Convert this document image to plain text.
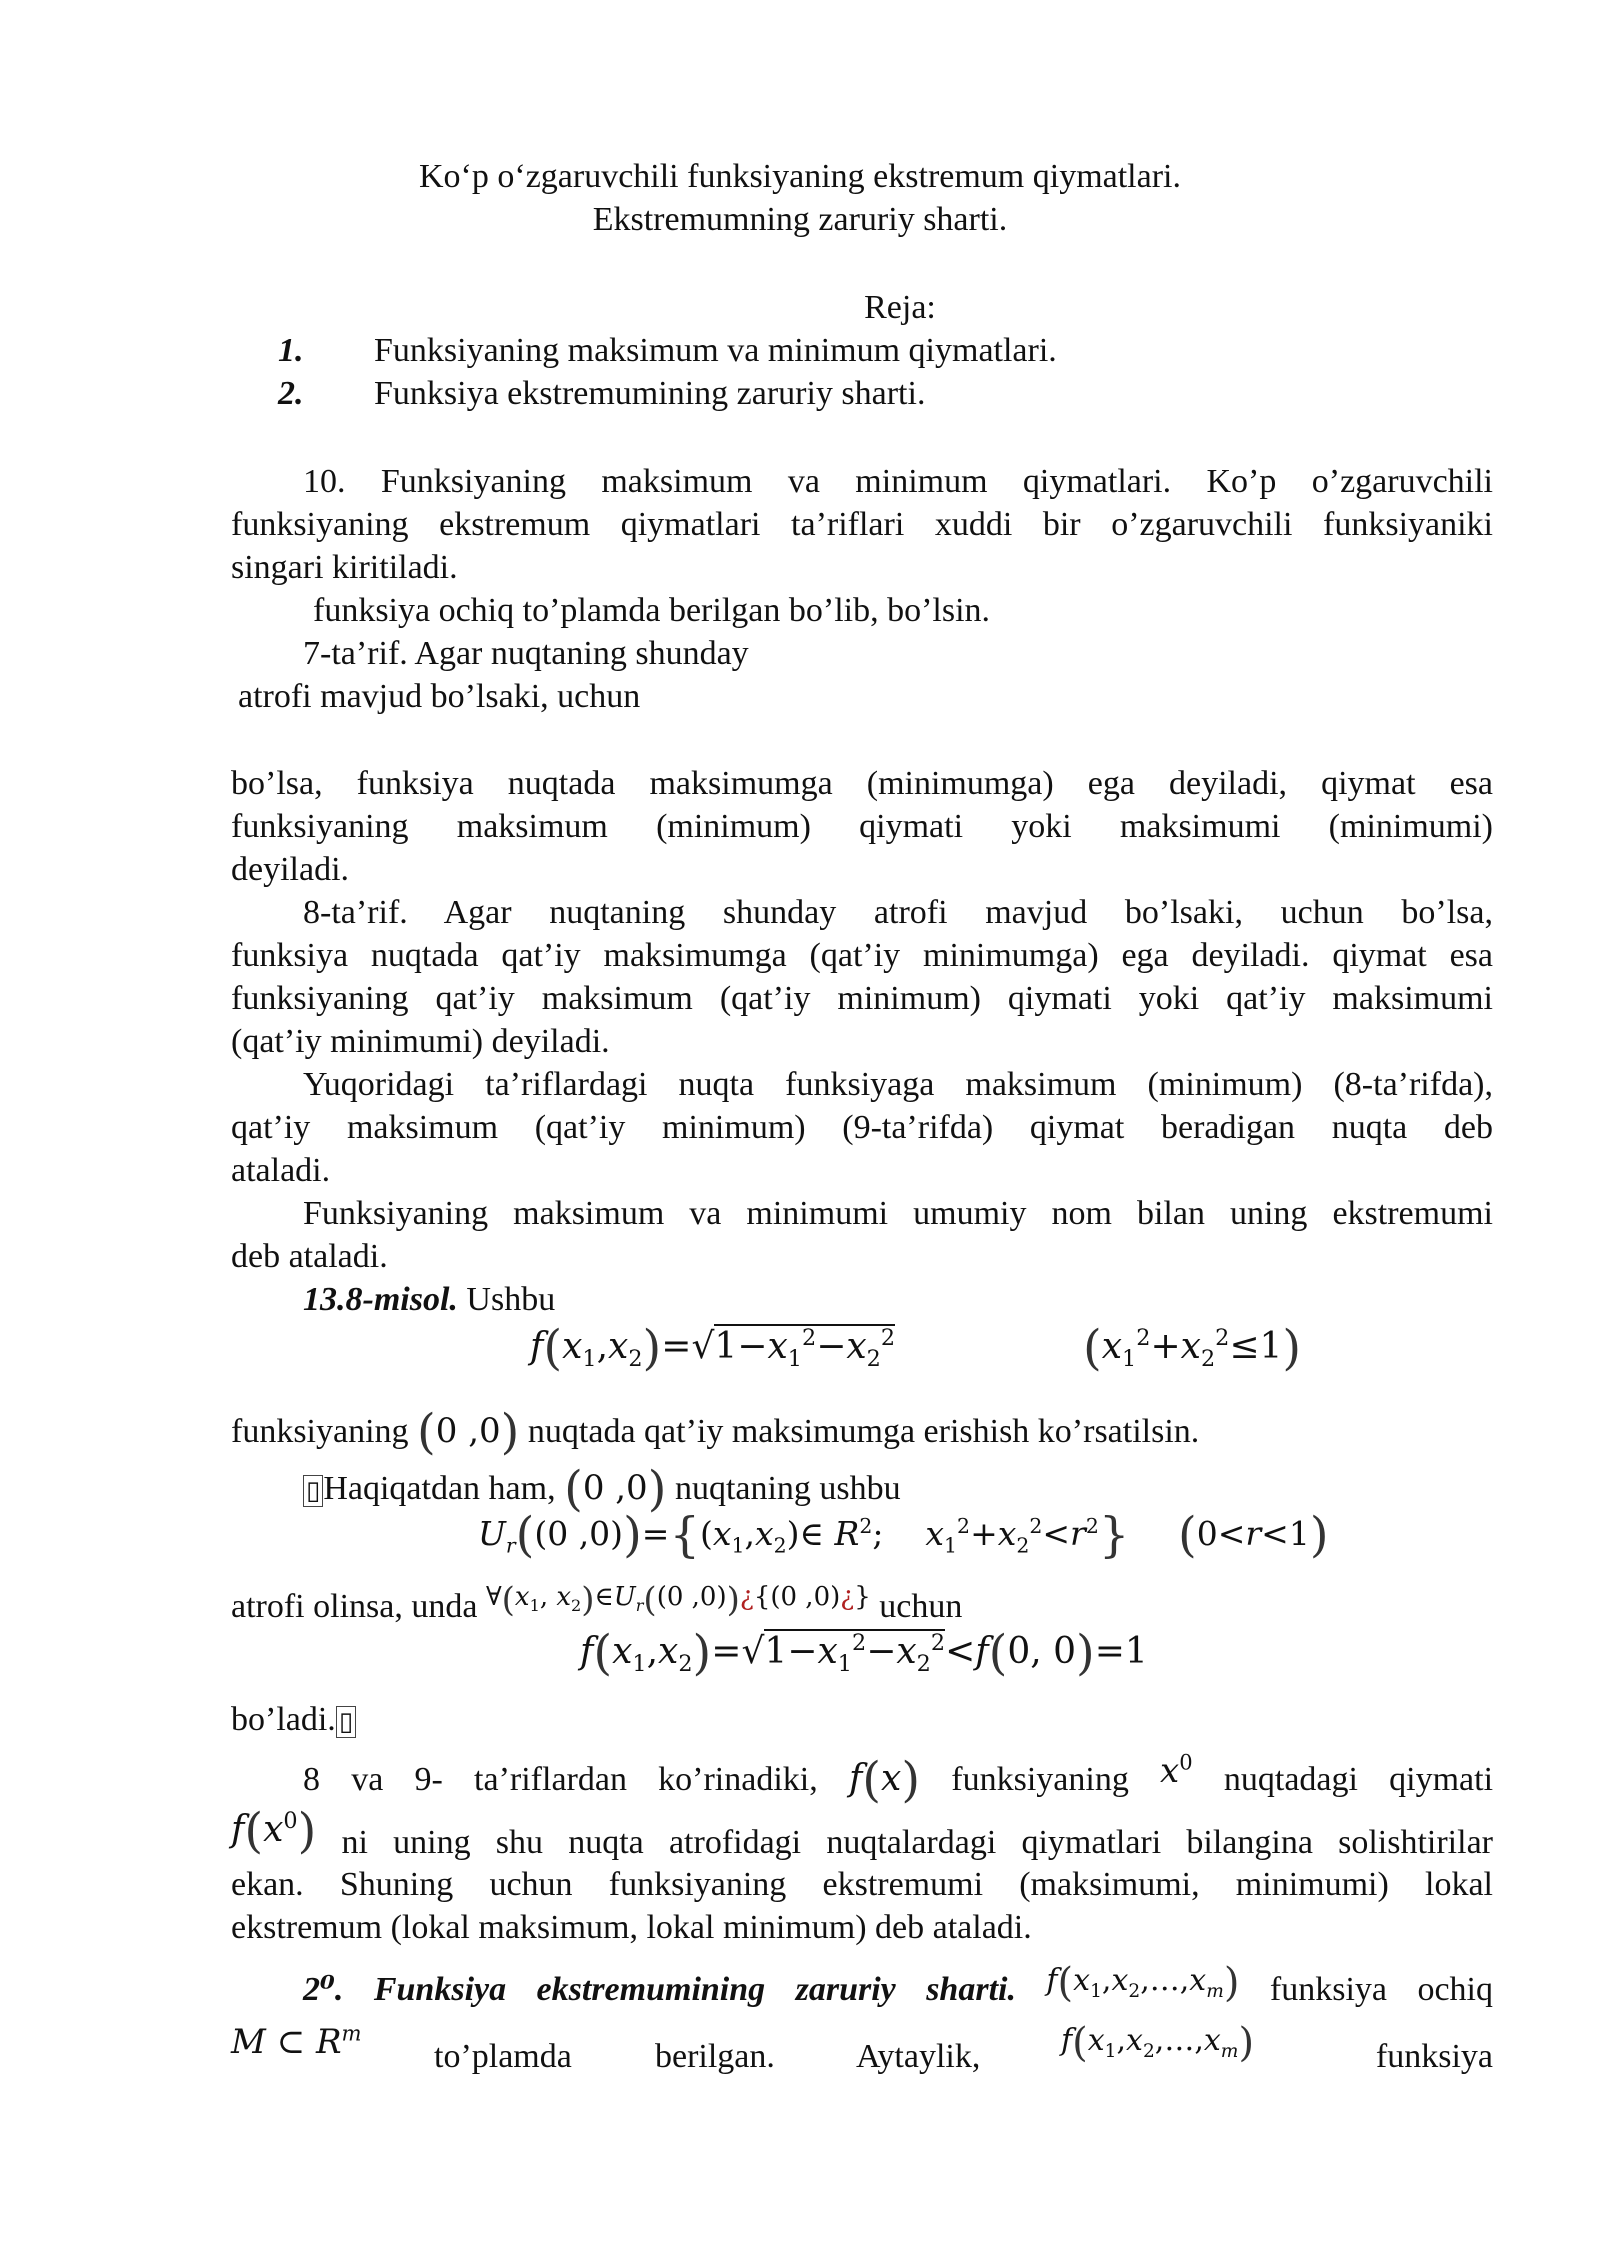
Ko‘p o‘zgaruvchili funksiyaning ekstremum qiymatlari.
Ekstremumning zaruriy sharti.
Reja:
1. Funksiyaning maksimum va minimum qiymatlari.
2. Funksiya ekstremumining zaruriy sharti.
10. Funksiyaning maksimum va minimum qiymatlari. Ko’p o’zgaruvchili
funksiyaning ekstremum qiymatlari ta’riflari xuddi bir o’zgaruvchili funksiyaniki
singari kiritiladi.
funksiya ochiq to’plamda berilgan bo’lib, bo’lsin.
7-ta’rif. Agar nuqtaning shunday
atrofi mavjud bo’lsaki, uchun
bo’lsa, funksiya nuqtada maksimumga (minimumga) ega deyiladi, qiymat esa
funksiyaning maksimum (minimum) qiymati yoki maksimumi (minimumi)
deyiladi.
8-ta’rif. Agar nuqtaning shunday atrofi mavjud bo’lsaki, uchun bo’lsa,
funksiya nuqtada qat’iy maksimumga (qat’iy minimumga) ega deyiladi. qiymat esa
funksiyaning qat’iy maksimum (qat’iy minimum) qiymati yoki qat’iy maksimumi
(qat’iy minimumi) deyiladi.
Yuqoridagi ta’riflardagi nuqta funksiyaga maksimum (minimum) (8-ta’rifda),
qat’iy maksimum (qat’iy minimum) (9-ta’rifda) qiymat beradigan nuqta deb
ataladi.
Funksiyaning maksimum va minimumi umumiy nom bilan uning ekstremumi
deb ataladi.
13.8-misol. Ushbu
$f(x_1,x_2)=√1-x_1^2-x_2^2$	$(x_1^2+x_2^2\le 1)$
funksiyaning (0 ,0) nuqtada qat’iy maksimumga erishish ko’rsatilsin.
▯Haqiqatdan ham, (0 ,0) nuqtaning ushbu
$U_r((0$ $,0))=\{(x_1,x_2)\in$ $R^2$;    $x_1^2+x_2^2<r^2$} (0<r<1)
atrofi olinsa, unda $^{\forall(x_1, x_2)\in U_r((0 ,0))¿\{(0 ,0)¿\}}$ uchun
$f(x_1,x_2)=√1-x_1^2-x_2^2<f(0$, 0)=1
bo’ladi. ▯
8 va 9- ta’riflardan ko’rinadiki, f(x) funksiyaning $x^0$ nuqtadagi qiymati
$f(x^0)$ ni uning shu nuqta atrofidagi nuqtalardagi qiymatlari bilangina solishtirilar
ekan. Shuning uchun funksiyaning ekstremumi (maksimumi, minimumi) lokal
ekstremum (lokal maksimum, lokal minimum) deb ataladi.
2⁰. Funksiya ekstremumining zaruriy sharti. $f(x_1,x_2,\dots,x_m)$ funksiya ochiq
M ⊂ $R^m$
to’plamda berilgan. Aytaylik,	$f(x_1,x_2,\dots,x_m)$	funksiya
